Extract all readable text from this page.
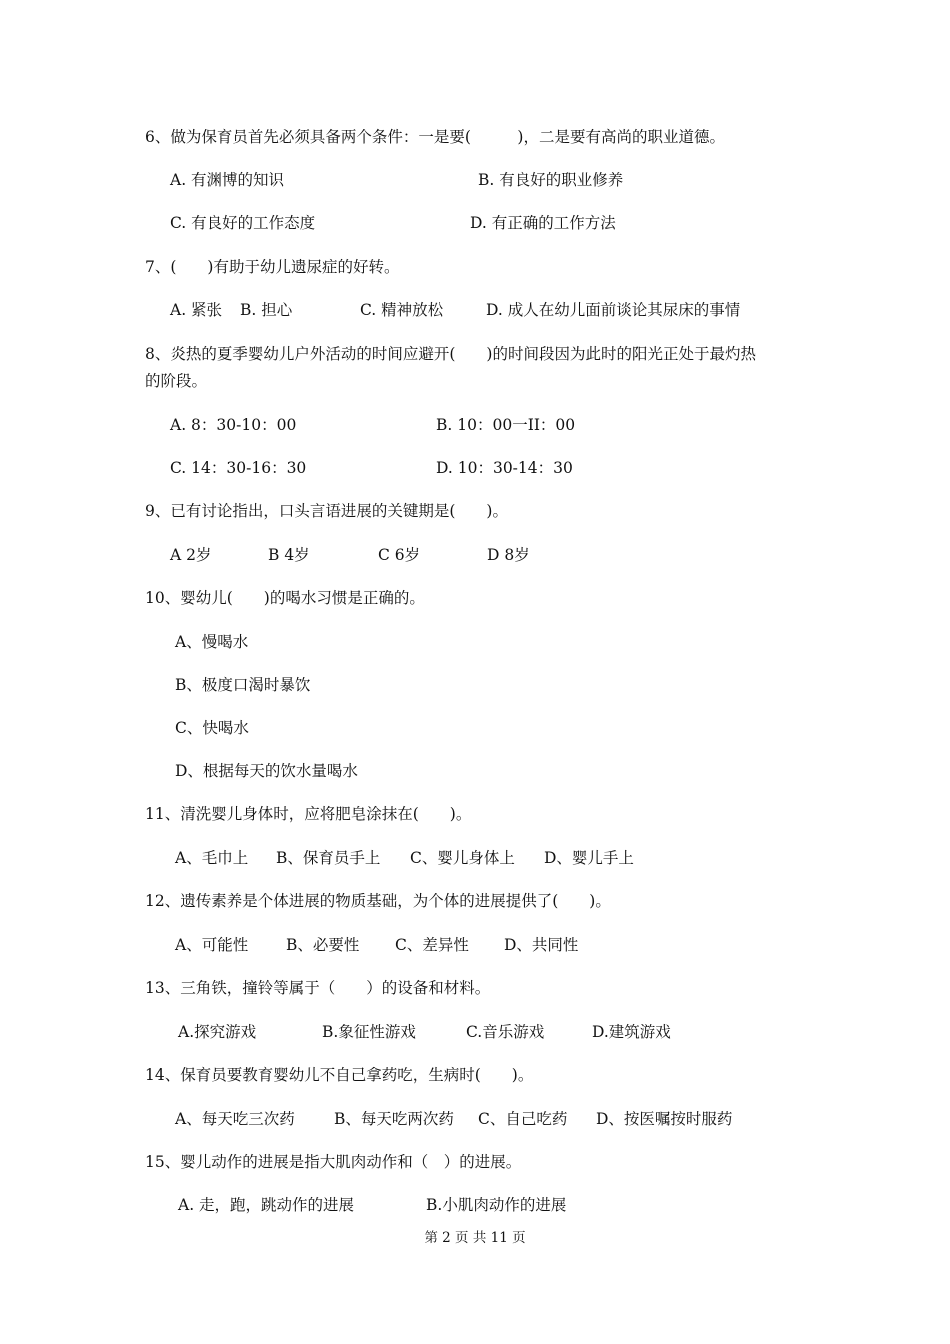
6、做为保育员首先必须具备两个条件：一是要(　　　)，二是要有高尚的职业道德。
A. 有渊博的知识	B. 有良好的职业修养
C. 有良好的工作态度	D. 有正确的工作方法
7、(　　)有助于幼儿遗尿症的好转。
A. 紧张 B. 担心	C. 精神放松	D. 成人在幼儿面前谈论其尿床的事情
8、炎热的夏季婴幼儿户外活动的时间应避开(　　)的时间段因为此时的阳光正处于最灼热
的阶段。
A. 8：30-10：00	B. 10：00一II：00
C. 14：30-16：30	D. 10：30-14：30
9、已有讨论指出，口头言语进展的关键期是(　　)。
A 2岁	B 4岁	C 6岁	D 8岁
10、婴幼儿(　　)的喝水习惯是正确的。
A、慢喝水
B、极度口渴时暴饮
C、快喝水
D、根据每天的饮水量喝水
11、清洗婴儿身体时，应将肥皂涂抹在(　　)。
A、毛巾上 B、保育员手上 C、婴儿身体上 D、婴儿手上
12、遗传素养是个体进展的物质基础，为个体的进展提供了(　　)。
A、可能性 B、必要性 C、差异性 D、共同性
13、三角铁，撞铃等属于（　　）的设备和材料。
A.探究游戏	B.象征性游戏	C.音乐游戏	D.建筑游戏
14、保育员要教育婴幼儿不自己拿药吃，生病时(　　)。
A、每天吃三次药	B、每天吃两次药 C、自己吃药 D、按医嘱按时服药
15、婴儿动作的进展是指大肌肉动作和（　）的进展。
A. 走，跑，跳动作的进展	B.小肌肉动作的进展
第 2 页 共 11 页
